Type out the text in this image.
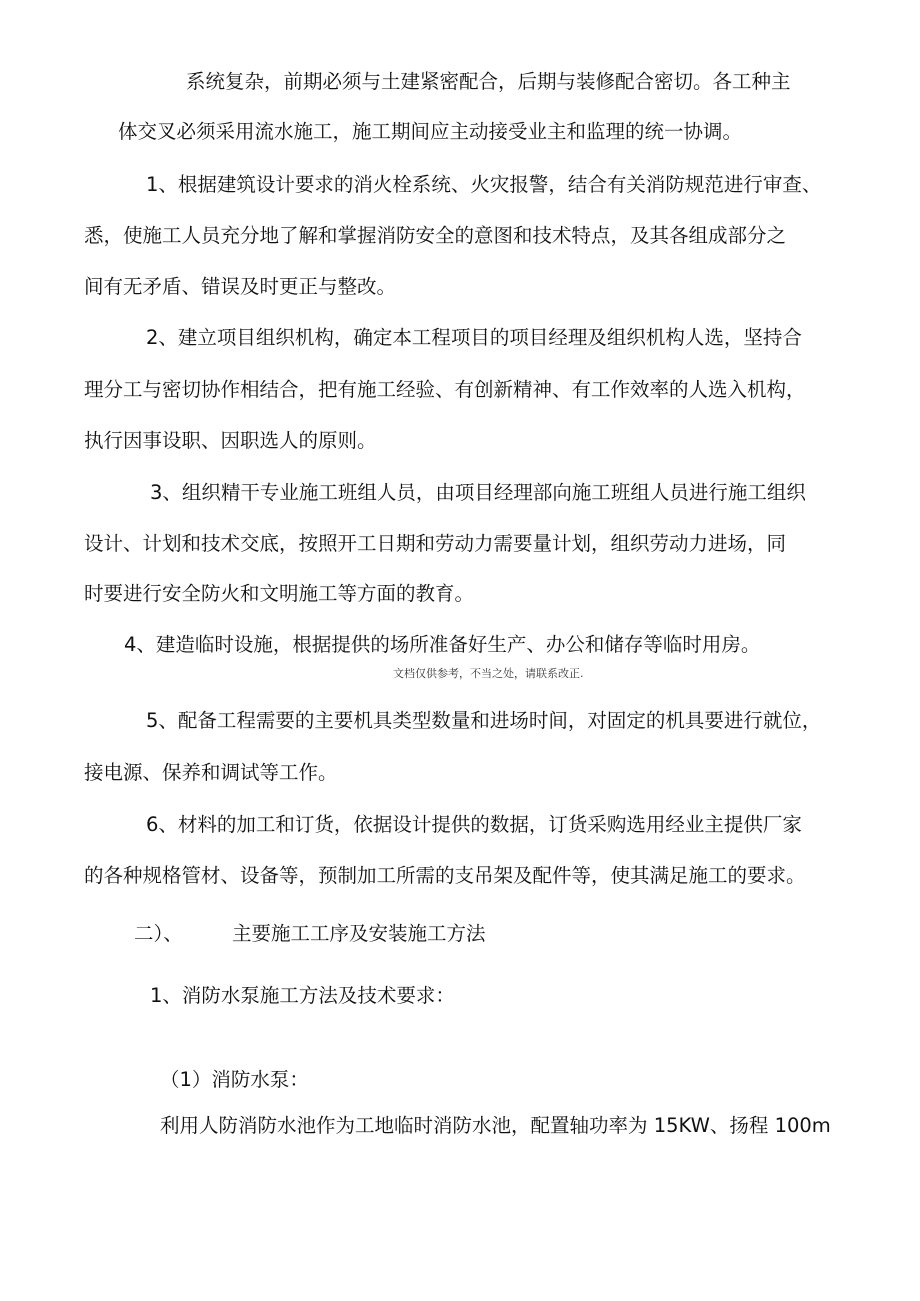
系统复杂，前期必须与土建紧密配合，后期与装修配合密切。各工种主
体交叉必须采用流水施工，施工期间应主动接受业主和监理的统一协调。
1、根据建筑设计要求的消火栓系统、火灾报警，结合有关消防规范进行审查、
悉，使施工人员充分地了解和掌握消防安全的意图和技术特点，及其各组成部分之
间有无矛盾、错误及时更正与整改。
2、建立项目组织机构，确定本工程项目的项目经理及组织机构人选，坚持合
理分工与密切协作相结合，把有施工经验、有创新精神、有工作效率的人选入机构，
执行因事设职、因职选人的原则。
3、组织精干专业施工班组人员，由项目经理部向施工班组人员进行施工组织
设计、计划和技术交底，按照开工日期和劳动力需要量计划，组织劳动力进场，同
时要进行安全防火和文明施工等方面的教育。
4、建造临时设施，根据提供的场所准备好生产、办公和储存等临时用房。
文档仅供参考，不当之处，请联系改正.
5、配备工程需要的主要机具类型数量和进场时间，对固定的机具要进行就位，
接电源、保养和调试等工作。
6、材料的加工和订货，依据设计提供的数据，订货采购选用经业主提供厂家
的各种规格管材、设备等，预制加工所需的支吊架及配件等，使其满足施工的要求。
二）、	主要施工工序及安装施工方法
1、消防水泵施工方法及技术要求：
（1）消防水泵：
利用人防消防水池作为工地临时消防水池，配置轴功率为 15KW、扬程 100m
